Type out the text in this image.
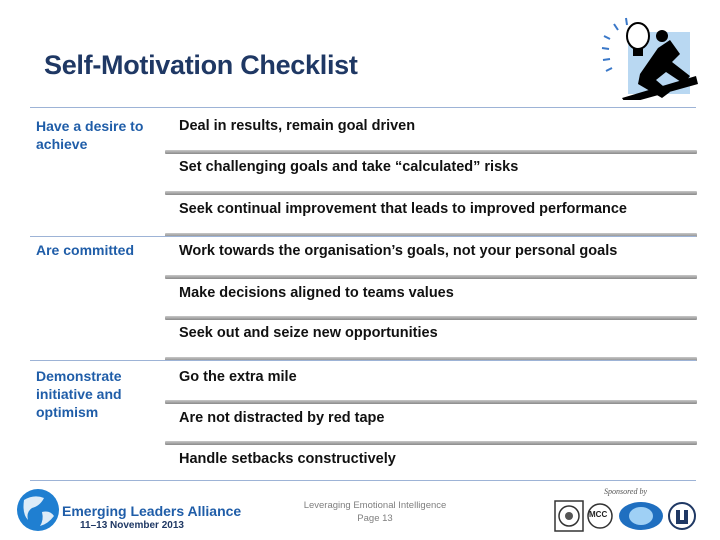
Self-Motivation Checklist
Have a desire to achieve
Deal in results, remain goal driven
Set challenging goals and take “calculated” risks
Seek continual improvement that leads to improved performance
Are committed	Work towards the organisation’s goals, not your personal goals
Make decisions aligned to teams values
Seek out and seize new opportunities
Demonstrate initiative and optimism
Go the extra mile
Are not distracted by red tape
Handle setbacks constructively
Emerging Leaders Alliance
11–13 November 2013
Leveraging Emotional Intelligence
Page 13
Sponsored by
MCC
